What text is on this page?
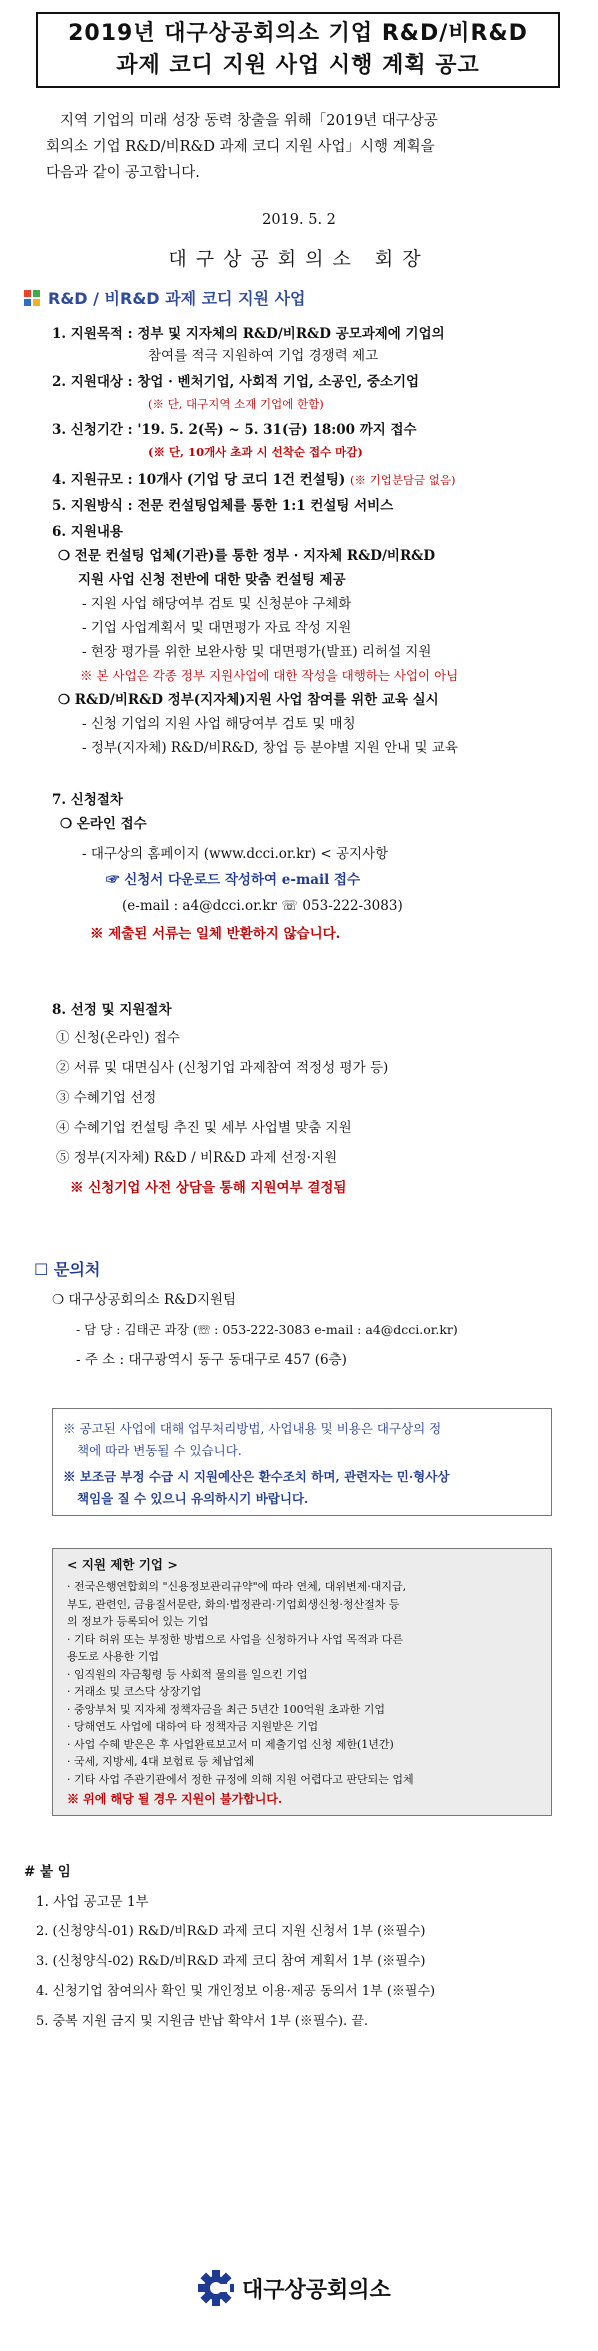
2019년 대구상공회의소 기업 R&D/비R&D
과제 코디 지원 사업 시행 계획 공고
지역 기업의 미래 성장 동력 창출을 위해「2019년 대구상공
회의소 기업 R&D/비R&D 과제 코디 지원 사업」시행 계획을
다음과 같이 공고합니다.
2019. 5. 2
대구상공회의소 회장
R&D / 비R&D 과제 코디 지원 사업
1. 지원목적 : 정부 및 지자체의 R&D/비R&D 공모과제에 기업의
참여를 적극 지원하여 기업 경쟁력 제고
2. 지원대상 : 창업 · 벤처기업, 사회적 기업, 소공인, 중소기업
(※ 단, 대구지역 소재 기업에 한함)
3. 신청기간 : '19. 5. 2(목) ~ 5. 31(금) 18:00 까지 접수
(※ 단, 10개사 초과 시 선착순 접수 마감)
4. 지원규모 : 10개사 (기업 당 코디 1건 컨설팅) (※ 기업분담금 없음)
5. 지원방식 : 전문 컨설팅업체를 통한 1:1 컨설팅 서비스
6. 지원내용
❍ 전문 컨설팅 업체(기관)를 통한 정부 · 지자체 R&D/비R&D
지원 사업 신청 전반에 대한 맞춤 컨설팅 제공
- 지원 사업 해당여부 검토 및 신청분야 구체화
- 기업 사업계획서 및 대면평가 자료 작성 지원
- 현장 평가를 위한 보완사항 및 대면평가(발표) 리허설 지원
※ 본 사업은 각종 정부 지원사업에 대한 작성을 대행하는 사업이 아님
❍ R&D/비R&D 정부(지자체)지원 사업 참여를 위한 교육 실시
- 신청 기업의 지원 사업 해당여부 검토 및 매칭
- 정부(지자체) R&D/비R&D, 창업 등 분야별 지원 안내 및 교육
7. 신청절차
❍ 온라인 접수
- 대구상의 홈페이지 (www.dcci.or.kr) < 공지사항
☞ 신청서 다운로드 작성하여 e-mail 접수
(e-mail : a4@dcci.or.kr ☏ 053-222-3083)
※ 제출된 서류는 일체 반환하지 않습니다.
8. 선정 및 지원절차
① 신청(온라인) 접수
② 서류 및 대면심사 (신청기업 과제참여 적정성 평가 등)
③ 수혜기업 선정
④ 수혜기업 컨설팅 추진 및 세부 사업별 맞춤 지원
⑤ 정부(지자체) R&D / 비R&D 과제 선정·지원
※ 신청기업 사전 상담을 통해 지원여부 결정됨
☐ 문의처
❍ 대구상공회의소 R&D지원팀
- 담 당 : 김태곤 과장 (☏ : 053-222-3083 e-mail : a4@dcci.or.kr)
- 주 소 : 대구광역시 동구 동대구로 457 (6층)
※ 공고된 사업에 대해 업무처리방법, 사업내용 및 비용은 대구상의 정
책에 따라 변동될 수 있습니다.
※ 보조금 부정 수급 시 지원예산은 환수조치 하며, 관련자는 민·형사상
책임을 질 수 있으니 유의하시기 바랍니다.
< 지원 제한 기업 >
· 전국은행연합회의 "신용정보관리규약"에 따라 연체, 대위변제·대지급,
부도, 관련인, 금융질서문란, 화의·법정관리·기업회생신청·청산절차 등
의 정보가 등록되어 있는 기업
· 기타 허위 또는 부정한 방법으로 사업을 신청하거나 사업 목적과 다른
용도로 사용한 기업
· 임직원의 자금횡령 등 사회적 물의를 일으킨 기업
· 거래소 및 코스닥 상장기업
· 중앙부처 및 지자체 정책자금을 최근 5년간 100억원 초과한 기업
· 당해연도 사업에 대하여 타 정책자금 지원받은 기업
· 사업 수혜 받은은 후 사업완료보고서 미 제출기업 신청 제한(1년간)
· 국세, 지방세, 4대 보험료 등 체납업체
· 기타 사업 주관기관에서 정한 규정에 의해 지원 어렵다고 판단되는 업체
※ 위에 해당 될 경우 지원이 불가합니다.
# 붙 임
1. 사업 공고문 1부
2. (신청양식-01) R&D/비R&D 과제 코디 지원 신청서 1부 (※필수)
3. (신청양식-02) R&D/비R&D 과제 코디 참여 계획서 1부 (※필수)
4. 신청기업 참여의사 확인 및 개인정보 이용·제공 동의서 1부 (※필수)
5. 중복 지원 금지 및 지원금 반납 확약서 1부 (※필수). 끝.
대구상공회의소
